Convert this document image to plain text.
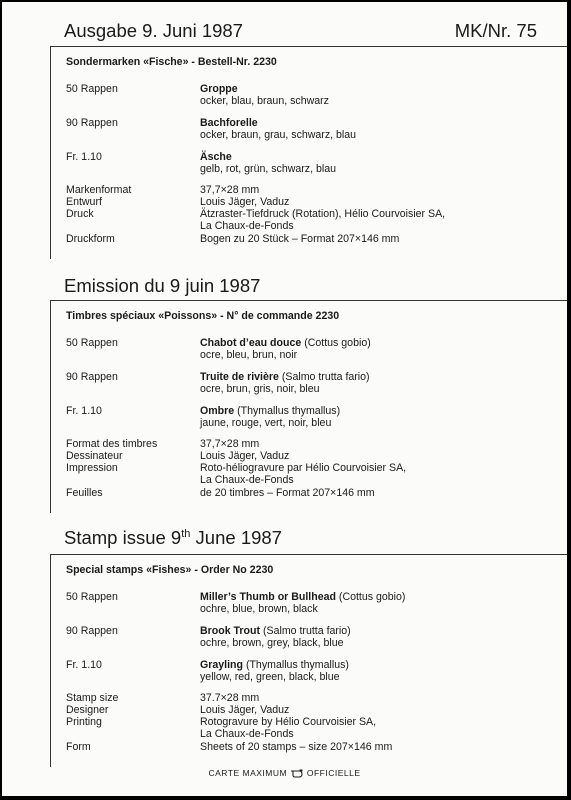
Ausgabe 9. Juni 1987	MK/Nr. 75
Sondermarken «Fische» - Bestell-Nr. 2230
50 Rappen	Groppe
ocker, blau, braun, schwarz
90 Rappen	Bachforelle
ocker, braun, grau, schwarz, blau
Fr. 1.10	Äsche
gelb, rot, grün, schwarz, blau
Markenformat	37,7×28 mm
Entwurf	Louis Jäger, Vaduz
Druck	Ätzraster-Tiefdruck (Rotation), Hélio Courvoisier SA,
La Chaux-de-Fonds
Druckform	Bogen zu 20 Stück – Format 207×146 mm
Emission du 9 juin 1987
Timbres spéciaux «Poissons» - N° de commande 2230
50 Rappen	Chabot d’eau douce (Cottus gobio)
ocre, bleu, brun, noir
90 Rappen	Truite de rivière (Salmo trutta fario)
ocre, brun, gris, noir, bleu
Fr. 1.10	Ombre (Thymallus thymallus)
jaune, rouge, vert, noir, bleu
Format des timbres	37,7×28 mm
Dessinateur	Louis Jäger, Vaduz
Impression	Roto-héliogravure par Hélio Courvoisier SA,
La Chaux-de-Fonds
Feuilles	de 20 timbres – Format 207×146 mm
Stamp issue 9th June 1987
Special stamps «Fishes» - Order No 2230
50 Rappen	Miller’s Thumb or Bullhead (Cottus gobio)
ochre, blue, brown, black
90 Rappen	Brook Trout (Salmo trutta fario)
ochre, brown, grey, black, blue
Fr. 1.10	Grayling (Thymallus thymallus)
yellow, red, green, black, blue
Stamp size	37.7×28 mm
Designer	Louis Jäger, Vaduz
Printing	Rotogravure by Hélio Courvoisier SA,
La Chaux-de-Fonds
Form	Sheets of 20 stamps – size 207×146 mm
CARTE MAXIMUM OFFICIELLE
